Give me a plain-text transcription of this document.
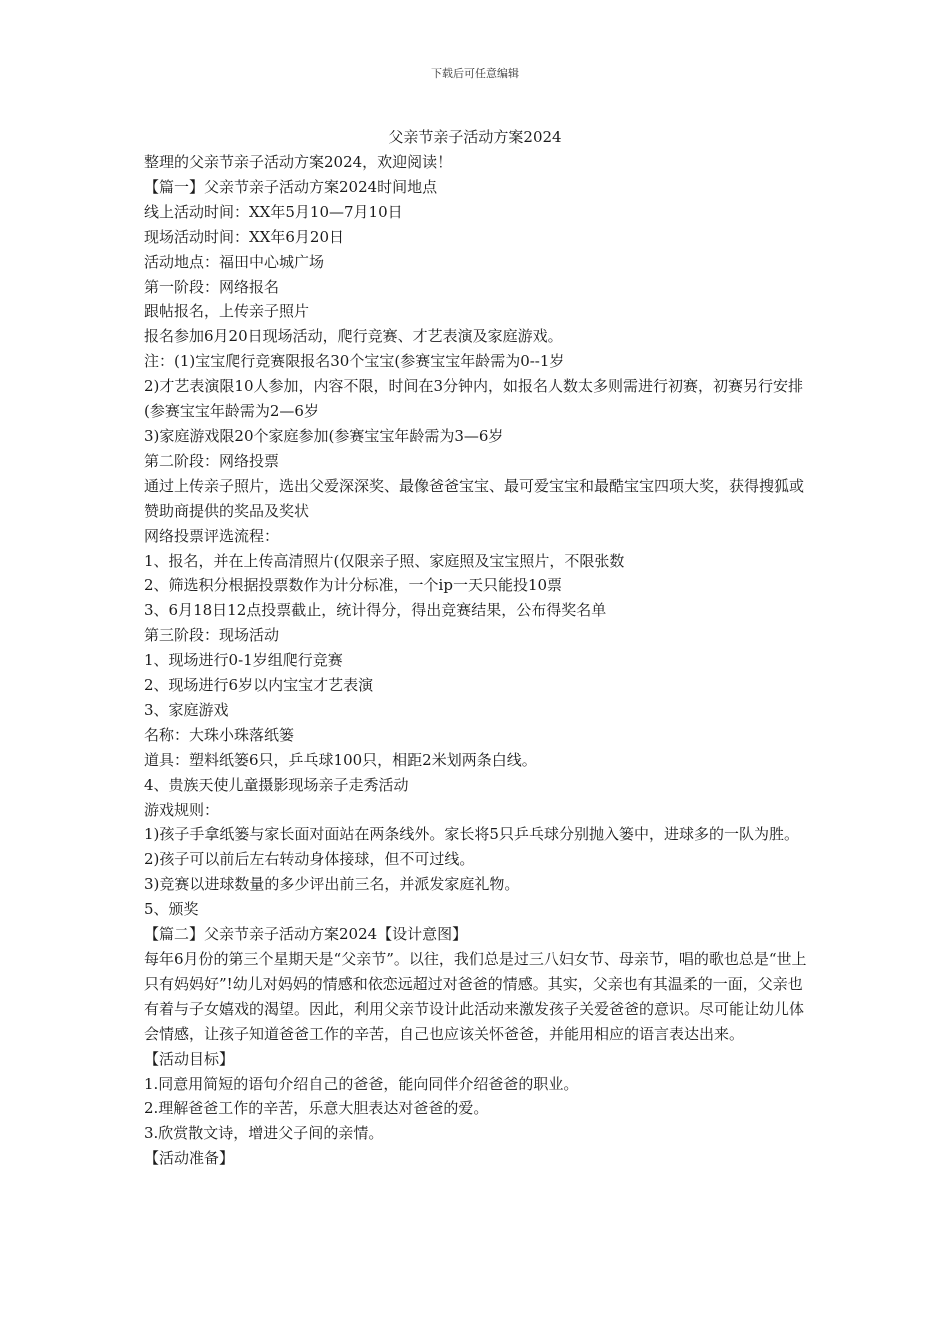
下载后可任意编辑
父亲节亲子活动方案2024

整理的父亲节亲子活动方案2024，欢迎阅读！

【篇一】父亲节亲子活动方案2024时间地点

线上活动时间：XX年5月10—7月10日

现场活动时间：XX年6月20日

活动地点：福田中心城广场

第一阶段：网络报名

跟帖报名，上传亲子照片

报名参加6月20日现场活动，爬行竞赛、才艺表演及家庭游戏。

注：(1)宝宝爬行竞赛限报名30个宝宝(参赛宝宝年龄需为0--1岁

2)才艺表演限10人参加，内容不限，时间在3分钟内，如报名人数太多则需进行初赛，初赛另行安排(参赛宝宝年龄需为2—6岁

3)家庭游戏限20个家庭参加(参赛宝宝年龄需为3—6岁

第二阶段：网络投票

通过上传亲子照片，选出父爱深深奖、最像爸爸宝宝、最可爱宝宝和最酷宝宝四项大奖，获得搜狐或赞助商提供的奖品及奖状

网络投票评选流程：

1、报名，并在上传高清照片(仅限亲子照、家庭照及宝宝照片，不限张数

2、筛选积分根据投票数作为计分标准，一个ip一天只能投10票

3、6月18日12点投票截止，统计得分，得出竞赛结果，公布得奖名单

第三阶段：现场活动

1、现场进行0-1岁组爬行竞赛

2、现场进行6岁以内宝宝才艺表演

3、家庭游戏

名称：大珠小珠落纸篓

道具：塑料纸篓6只，乒乓球100只，相距2米划两条白线。

4、贵族天使儿童摄影现场亲子走秀活动

游戏规则：

1)孩子手拿纸篓与家长面对面站在两条线外。家长将5只乒乓球分别抛入篓中，进球多的一队为胜。

2)孩子可以前后左右转动身体接球，但不可过线。

3)竞赛以进球数量的多少评出前三名，并派发家庭礼物。

5、颁奖

【篇二】父亲节亲子活动方案2024【设计意图】

每年6月份的第三个星期天是“父亲节”。以往，我们总是过三八妇女节、母亲节，唱的歌也总是“世上只有妈妈好”!幼儿对妈妈的情感和依恋远超过对爸爸的情感。其实，父亲也有其温柔的一面，父亲也有着与子女嬉戏的渴望。因此，利用父亲节设计此活动来激发孩子关爱爸爸的意识。尽可能让幼儿体会情感，让孩子知道爸爸工作的辛苦，自己也应该关怀爸爸，并能用相应的语言表达出来。

【活动目标】

1.同意用简短的语句介绍自己的爸爸，能向同伴介绍爸爸的职业。

2.理解爸爸工作的辛苦，乐意大胆表达对爸爸的爱。

3.欣赏散文诗，增进父子间的亲情。

【活动准备】
